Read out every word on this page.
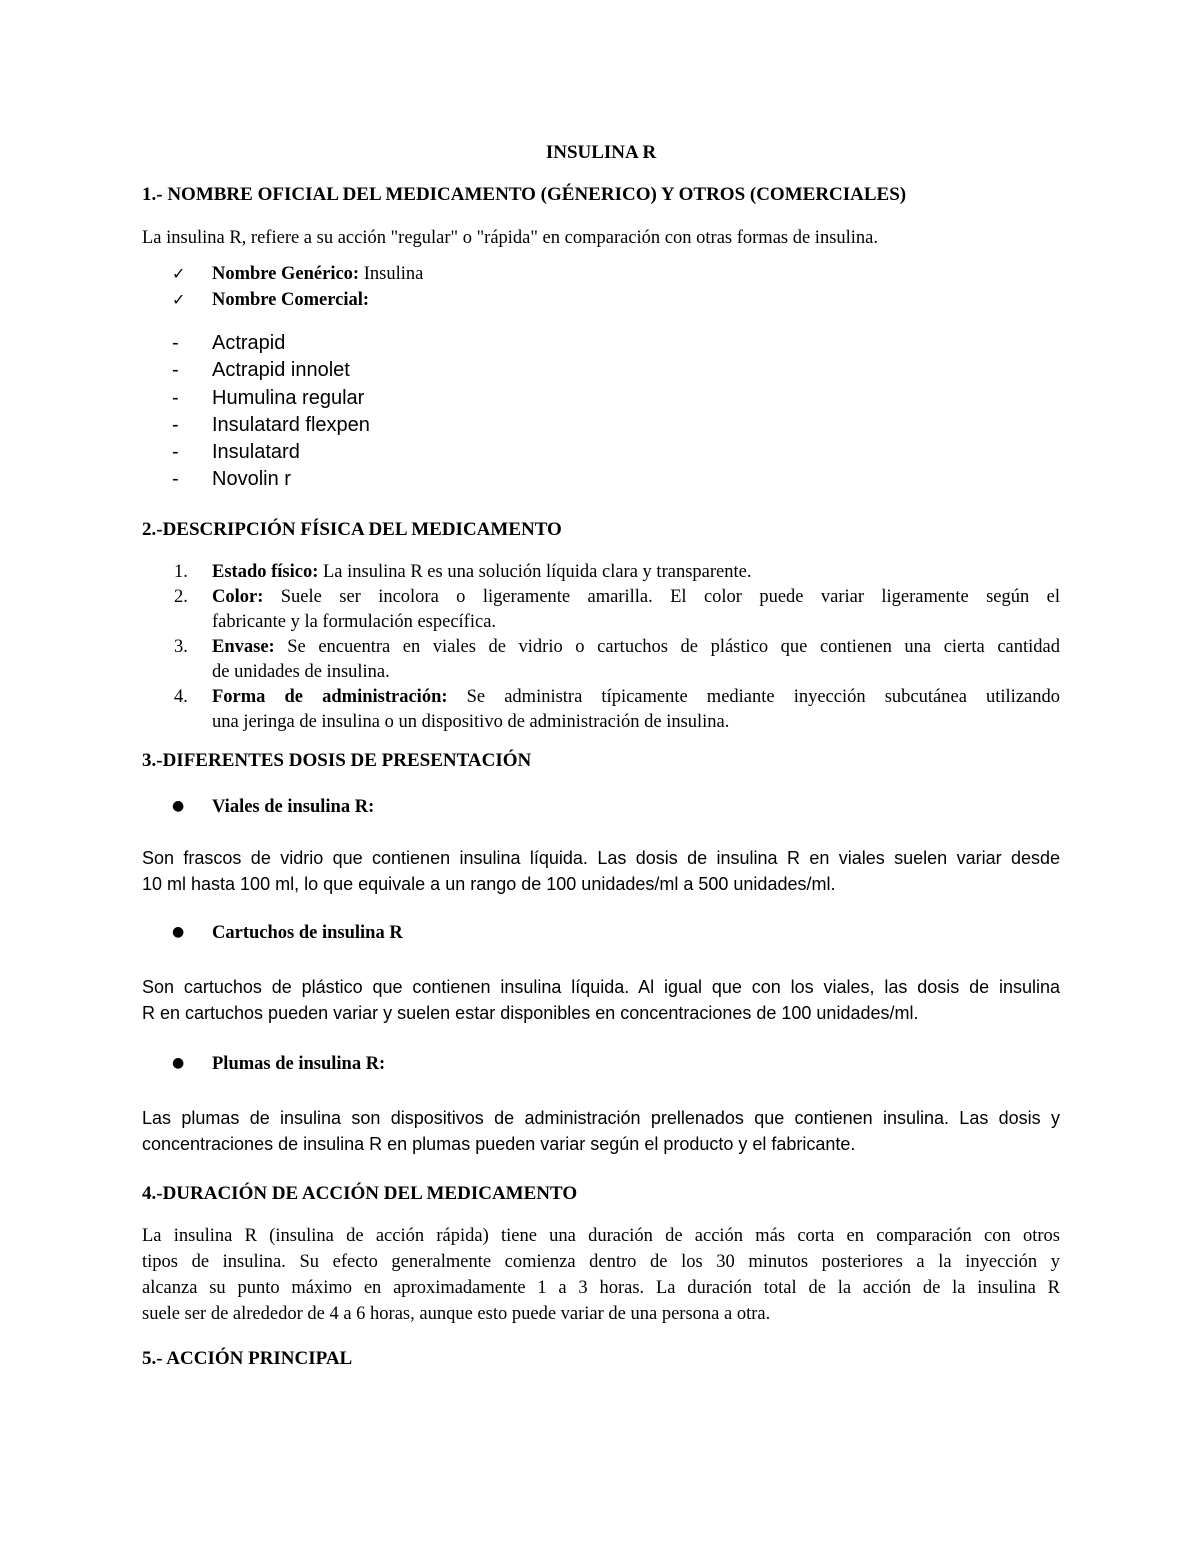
INSULINA R
1.- NOMBRE OFICIAL DEL MEDICAMENTO (GÉNERICO) Y OTROS (COMERCIALES)
La insulina R, refiere a su acción "regular" o "rápida" en comparación con otras formas de insulina.
✓ Nombre Genérico: Insulina
✓ Nombre Comercial:
- Actrapid
- Actrapid innolet
- Humulina regular
- Insulatard flexpen
- Insulatard
- Novolin r
2.-DESCRIPCIÓN FÍSICA DEL MEDICAMENTO
1. Estado físico: La insulina R es una solución líquida clara y transparente.
2. Color: Suele ser incolora o ligeramente amarilla. El color puede variar ligeramente según el
fabricante y la formulación específica.
3. Envase: Se encuentra en viales de vidrio o cartuchos de plástico que contienen una cierta cantidad
de unidades de insulina.
4. Forma de administración: Se administra típicamente mediante inyección subcutánea utilizando
una jeringa de insulina o un dispositivo de administración de insulina.
3.-DIFERENTES DOSIS DE PRESENTACIÓN
● Viales de insulina R:
Son frascos de vidrio que contienen insulina líquida. Las dosis de insulina R en viales suelen variar desde
10 ml hasta 100 ml, lo que equivale a un rango de 100 unidades/ml a 500 unidades/ml.
● Cartuchos de insulina R
Son cartuchos de plástico que contienen insulina líquida. Al igual que con los viales, las dosis de insulina
R en cartuchos pueden variar y suelen estar disponibles en concentraciones de 100 unidades/ml.
● Plumas de insulina R:
Las plumas de insulina son dispositivos de administración prellenados que contienen insulina. Las dosis y
concentraciones de insulina R en plumas pueden variar según el producto y el fabricante.
4.-DURACIÓN DE ACCIÓN DEL MEDICAMENTO
La insulina R (insulina de acción rápida) tiene una duración de acción más corta en comparación con otros
tipos de insulina. Su efecto generalmente comienza dentro de los 30 minutos posteriores a la inyección y
alcanza su punto máximo en aproximadamente 1 a 3 horas. La duración total de la acción de la insulina R
suele ser de alrededor de 4 a 6 horas, aunque esto puede variar de una persona a otra.
5.- ACCIÓN PRINCIPAL
